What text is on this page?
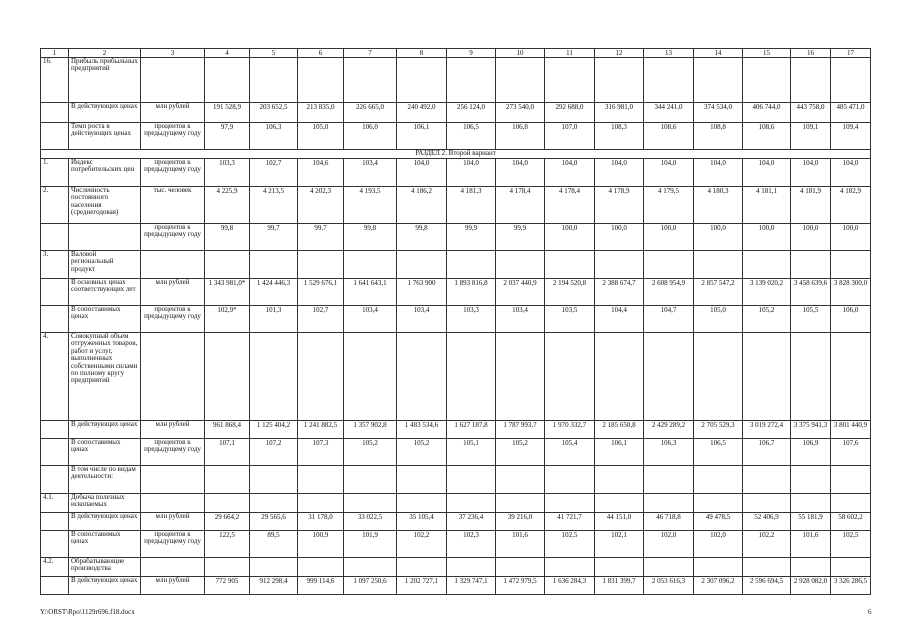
1	2	3	4	5	6	7	8	9	10	11	12	13	14	15	16	17
16.	Прибыль прибыльных предприятий															
	В действующих ценах	млн рублей	191 528,9	203 652,5	213 835,0	226 665,0	240 492,0	256 124,0	273 540,0	292 688,0	316 981,0	344 241,0	374 534,0	406 744,0	443 758,0	485 471,0
	Темп роста в действующих ценах	процентов к предыдущему году	97,9	106,3	105,0	106,0	106,1	106,5	106,8	107,0	108,3	108,6	108,8	108,6	109,1	109,4
РАЗДЕЛ 2. Второй вариант																
1.	Индекс потребительских цен	процентов к предыдущему году	103,3	102,7	104,6	103,4	104,0	104,0	104,0	104,0	104,0	104,0	104,0	104,0	104,0	104,0
2.	Численность постоянного населения (среднегодовая)	тыс. человек	4 225,9	4 213,5	4 202,3	4 193,5	4 186,2	4 181,3	4 178,4	4 178,4	4 178,9	4 179,5	4 180,3	4 181,1	4 181,9	4 182,9
		процентов к предыдущему году	99,8	99,7	99,7	99,8	99,8	99,9	99,9	100,0	100,0	100,0	100,0	100,0	100,0	100,0
3.	Валовой региональный продукт															
	В основных ценах соответствующих лет	млн рублей	1 343 981,0*	1 424 446,3	1 529 676,1	1 641 643,1	1 763 900	1 893 816,8	2 037 440,9	2 194 520,8	2 388 674,7	2 608 954,9	2 857 547,2	3 139 020,2	3 458 639,6	3 828 300,0
	В сопоставимых ценах	процентов к предыдущему году	102,9*	101,3	102,7	103,4	103,4	103,3	103,4	103,5	104,4	104,7	105,0	105,2	105,5	106,0
4.	Совокупный объем отгруженных товаров, работ и услуг, выполненных собственными силами по полному кругу предприятий															
	В действующих ценах	млн рублей	961 868,4	1 125 404,2	1 241 882,5	1 357 902,8	1 483 534,6	1 627 187,8	1 787 993,7	1 970 332,7	2 185 650,8	2 429 289,2	2 705 529,3	3 019 272,4	3 375 941,3	3 801 440,9
	В сопоставимых ценах	процентов к предыдущему году	107,1	107,2	107,3	105,2	105,2	105,1	105,2	105,4	106,1	106,3	106,5	106,7	106,9	107,6
	В том числе по видам деятельности:															
4.1.	Добыча полезных ископаемых															
	В действующих ценах	млн рублей	29 664,2	29 565,6	31 178,0	33 022,5	35 105,4	37 236,4	39 216,0	41 721,7	44 151,0	46 718,8	49 478,5	52 406,9	55 181,9	58 602,2
	В сопоставимых ценах	процентов к предыдущему году	122,5	89,5	100,9	101,9	102,2	102,3	101,6	102,5	102,1	102,0	102,0	102,2	101,6	102,5
4.2.	Обрабатывающие производства															
	В действующих ценах	млн рублей	772 905	912 298,4	999 114,6	1 097 250,6	1 202 727,1	1 329 747,1	1 472 979,5	1 636 284,3	1 831 399,7	2 053 616,3	2 307 096,2	2 596 694,5	2 928 082,0	3 326 286,5
Y:\ORST\Rpo\1129r696.f18.docx	6
